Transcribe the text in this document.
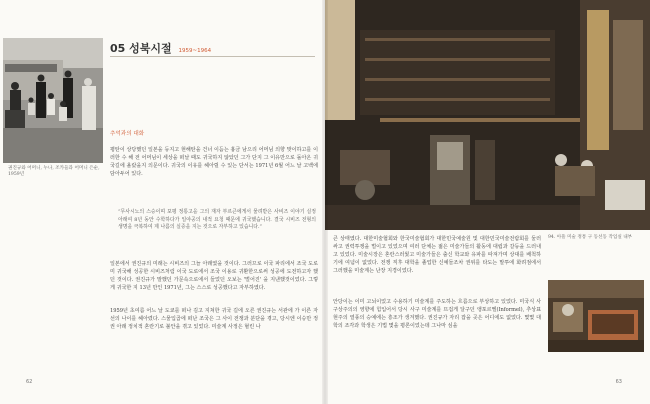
권진규와 어머니, 누나, 조카들과 어머니 은순, 1959년
05 성북시절 1959~1964
추억과의 대화
평탄이 상당했던 일본을 등지고 현해탄을 건너 이듬는 흉금 남으리 어머님 의향 맞이하고를 이러한 수 해 전 어머님이 세상을 떠날 때도 귀국하지 않았던 그가 단지 그 이유만으로 돌아온 귀국길에 올랐을지 의문이다. 귀국의 이유를 헤아릴 수 있는 단서는 1971년 6월 어느 날 고백에 담아두어 있다.
“무사시노의 스승이며 포평 정통고을 그의 재자 부르큰에게서 물려받은 사비즈 이야기 실정 아래여 8년 동안 수학하다가 일야공의 내적 요청 때문에 귀국했습니다. 결국 시비즈 전형의 생명을 극복하여 제 나름의 실증을 지는 것으로 자부하고 있습니다.”
일본에서 권진규의 미래는 시비즈의 그늘 아래였을 것이다. 그러므로 이국 파리에서 조국 도로미 귀국해 성공한 시비즈처럼 이국 도로에서 조국 이용로 귀환한으로써 성공에 도전하고자 했던 것이다. 권진규가 말했던 가문속으로에서 들었던 오보는 '벌어진' 을 지낸했것이었다. 그렇게 귀국한 지 13년 만인 1971년, 그는 스스로 성공했다고 자부하였다.
1959년 초여름 어느 날 도쿄를 떠나 김고 지쳐한 귀국 길에 오른 권진규는 서관에 가 이른 자선의 나이를 헤아렸다. 스물입곱에 떠난 조국은 그 사이 전쟁과 분단을 겪고, 당시엔 이승만 정권 아래 정치적 혼란기로 불안을 겪고 있었다. 미술계 사정은 혈린 나
62
94. 아뜰 미술 정통 구 동선동 작업실 내부
큰 상태였다. 대한미술협회와 한국미술협회가 대한민국예술원 및 대한민국미술전람회를 둘러싸고 권력투쟁을 벌이고 있었으며 여러 단체는 젊은 미술가들의 활동에 대립과 갈등을 드러내고 있었다. 미술시장은 혼란스러웠고 미술가들은 출신 학교와 유파를 따져가며 상대를 배척하기에 여념이 없었다. 전쟁 직후 대학을 졸업한 신예들조차 권위를 타도는 말투에 화려점에서 그러했을 미술계는 난장 지경이었다.
안당이는 이미 고뇌이었고 수용하기 미술계를 주도하는 흐름으로 부상하고 있었다. 미국식 사구상주의의 영향에 힘입어서 당시 사구 미술계를 뜨겁게 달구던 앵포르멜(Informel), 추상표현주의 열풍의 승예에는 흥조가 생겨했다. 권진규가 자리 잡을 곳은 어디에도 없었다. 몇몇 대학의 조각과 학생은 기법 몇을 평론이었는데 그나마 심을
63
